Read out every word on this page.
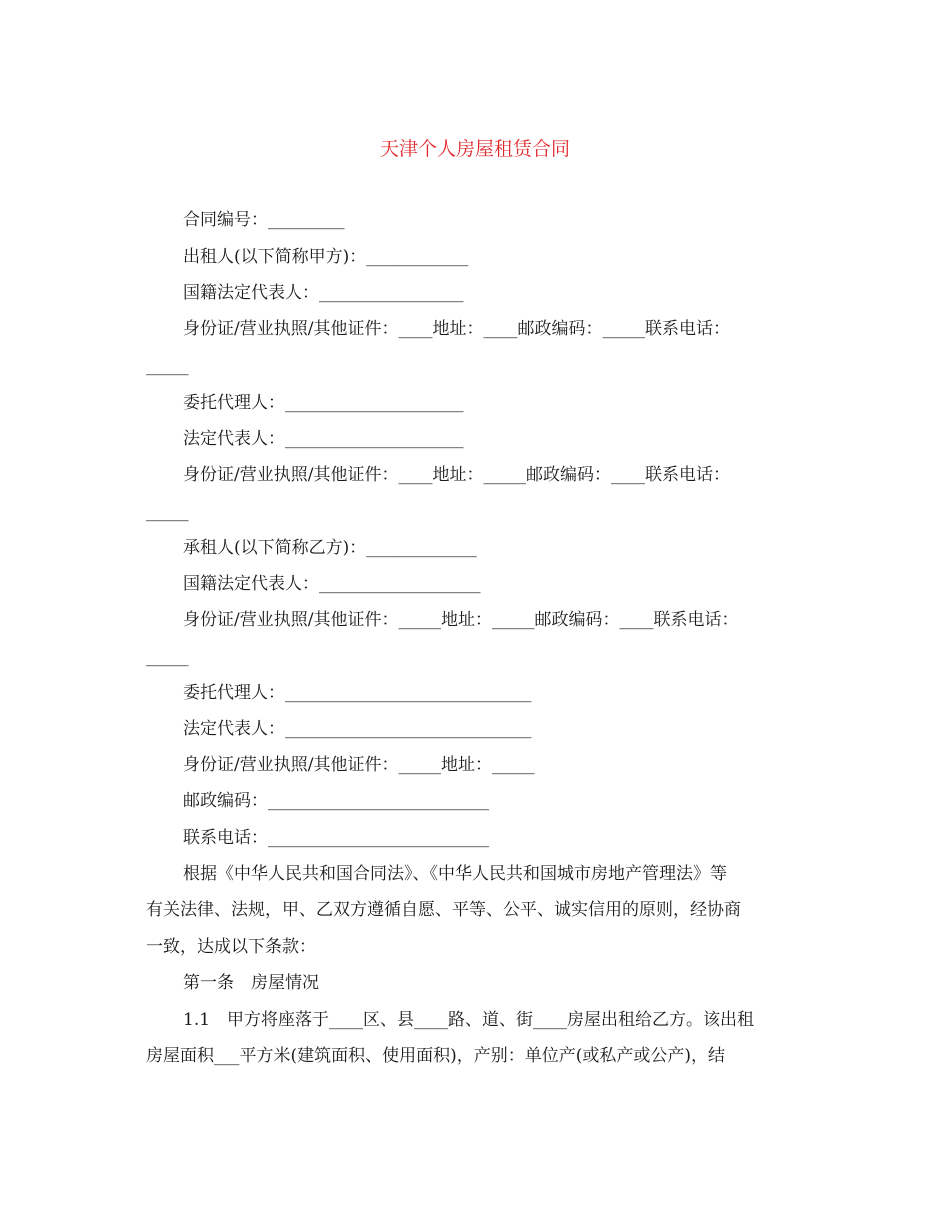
天津个人房屋租赁合同

合同编号：_________

出租人(以下简称甲方)：____________

国籍法定代表人：_________________

身份证/营业执照/其他证件：____地址：____邮政编码：_____联系电话：

_____

委托代理人：_____________________

法定代表人：_____________________

身份证/营业执照/其他证件：____地址：_____邮政编码：____联系电话：

_____

承租人(以下简称乙方)：_____________

国籍法定代表人：___________________

身份证/营业执照/其他证件：_____地址：_____邮政编码：____联系电话：

_____

委托代理人：_____________________________

法定代表人：_____________________________

身份证/营业执照/其他证件：_____地址：_____

邮政编码：__________________________

联系电话：__________________________

根据《中华人民共和国合同法》、《中华人民共和国城市房地产管理法》等

有关法律、法规，甲、乙双方遵循自愿、平等、公平、诚实信用的原则，经协商

一致，达成以下条款：

第一条　房屋情况

1.1　甲方将座落于____区、县____路、道、街____房屋出租给乙方。该出租

房屋面积___平方米(建筑面积、使用面积)，产别：单位产(或私产或公产)，结
